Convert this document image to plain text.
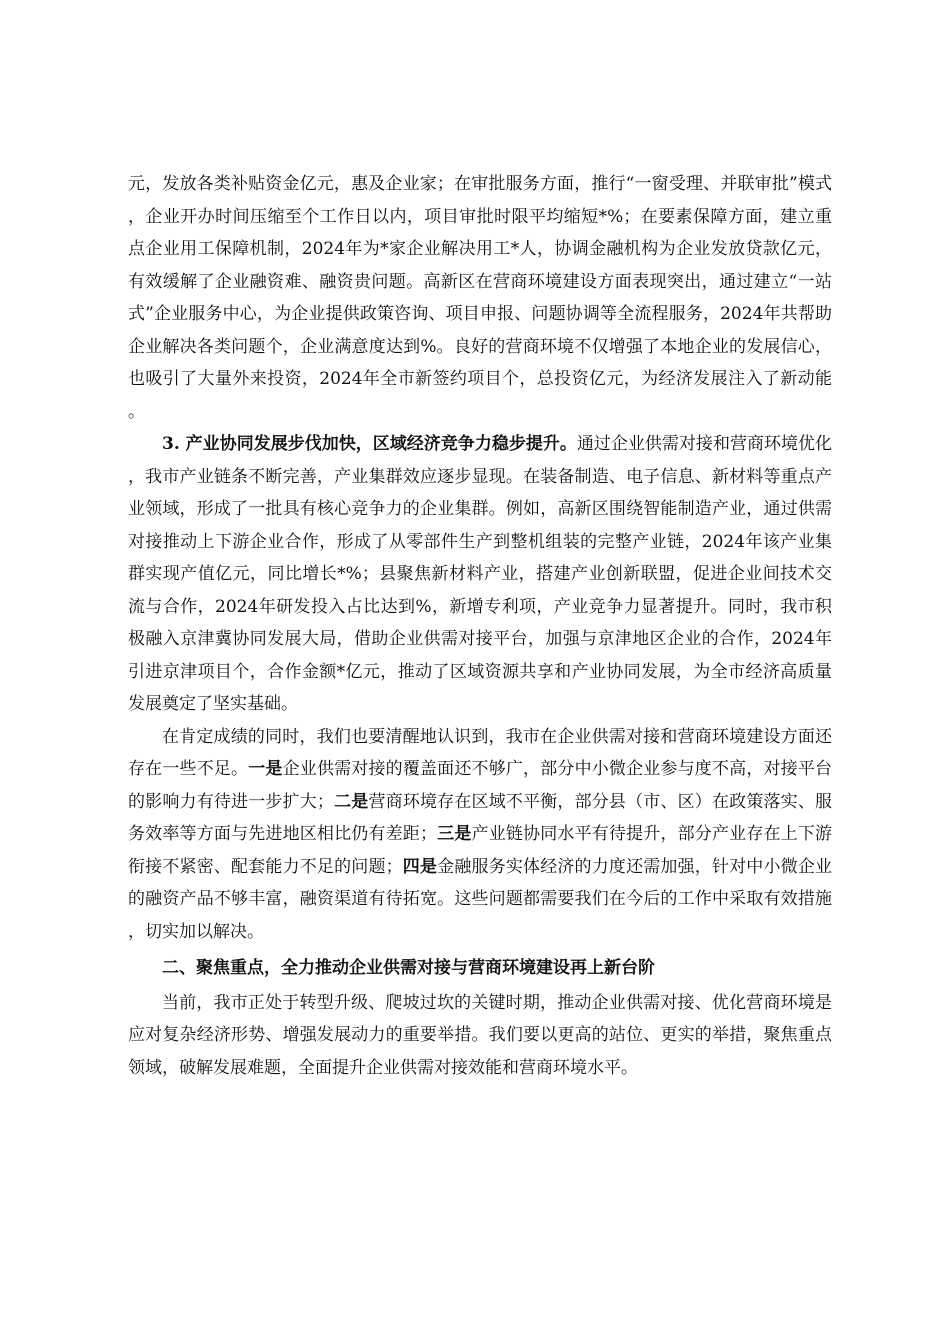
元，发放各类补贴资金亿元，惠及企业家；在审批服务方面，推行“一窗受理、并联审批”模式，企业开办时间压缩至个工作日以内，项目审批时限平均缩短*%；在要素保障方面，建立重点企业用工保障机制，2024年为*家企业解决用工*人，协调金融机构为企业发放贷款亿元，有效缓解了企业融资难、融资贵问题。高新区在营商环境建设方面表现突出，通过建立“一站式”企业服务中心，为企业提供政策咨询、项目申报、问题协调等全流程服务，2024年共帮助企业解决各类问题个，企业满意度达到%。良好的营商环境不仅增强了本地企业的发展信心，也吸引了大量外来投资，2024年全市新签约项目个，总投资亿元，为经济发展注入了新动能。

3. 产业协同发展步伐加快，区域经济竞争力稳步提升。通过企业供需对接和营商环境优化，我市产业链条不断完善，产业集群效应逐步显现。在装备制造、电子信息、新材料等重点产业领域，形成了一批具有核心竞争力的企业集群。例如，高新区围绕智能制造产业，通过供需对接推动上下游企业合作，形成了从零部件生产到整机组装的完整产业链，2024年该产业集群实现产值亿元，同比增长*%；县聚焦新材料产业，搭建产业创新联盟，促进企业间技术交流与合作，2024年研发投入占比达到%，新增专利项，产业竞争力显著提升。同时，我市积极融入京津冀协同发展大局，借助企业供需对接平台，加强与京津地区企业的合作，2024年引进京津项目个，合作金额*亿元，推动了区域资源共享和产业协同发展，为全市经济高质量发展奠定了坚实基础。

在肯定成绩的同时，我们也要清醒地认识到，我市在企业供需对接和营商环境建设方面还存在一些不足。一是企业供需对接的覆盖面还不够广，部分中小微企业参与度不高，对接平台的影响力有待进一步扩大；二是营商环境存在区域不平衡，部分县（市、区）在政策落实、服务效率等方面与先进地区相比仍有差距；三是产业链协同水平有待提升，部分产业存在上下游衔接不紧密、配套能力不足的问题；四是金融服务实体经济的力度还需加强，针对中小微企业的融资产品不够丰富，融资渠道有待拓宽。这些问题都需要我们在今后的工作中采取有效措施，切实加以解决。

二、聚焦重点，全力推动企业供需对接与营商环境建设再上新台阶

当前，我市正处于转型升级、爬坡过坎的关键时期，推动企业供需对接、优化营商环境是应对复杂经济形势、增强发展动力的重要举措。我们要以更高的站位、更实的举措，聚焦重点领域，破解发展难题，全面提升企业供需对接效能和营商环境水平。
